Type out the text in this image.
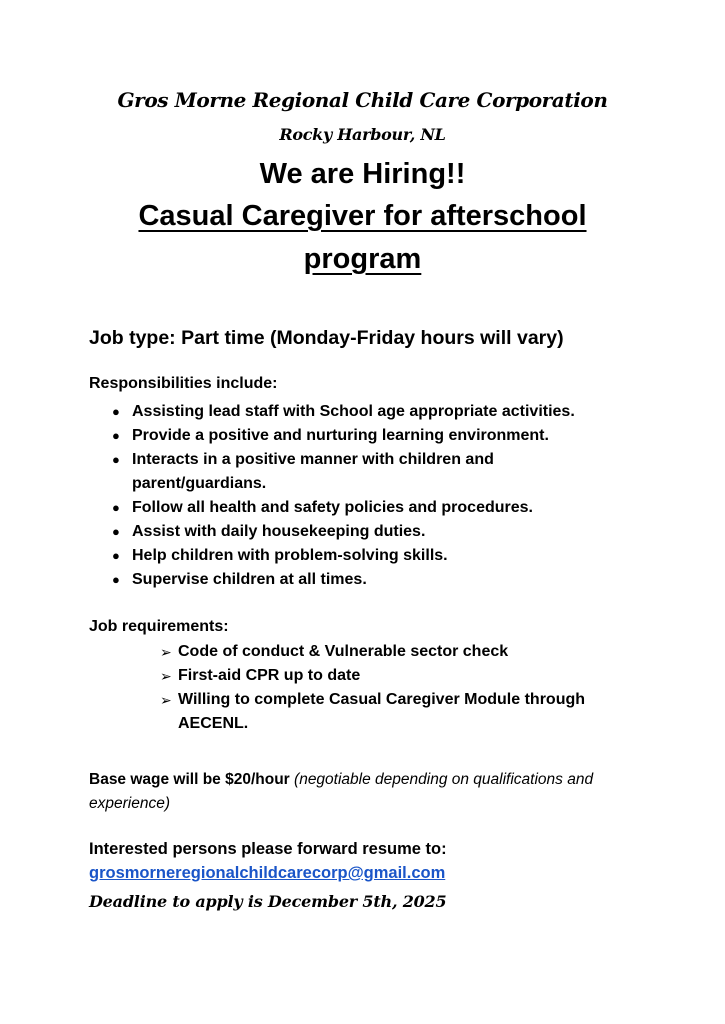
Gros Morne Regional Child Care Corporation
Rocky Harbour, NL
We are Hiring!!
Casual Caregiver for afterschool
program
Job type: Part time (Monday-Friday hours will vary)
Responsibilities include:
● Assisting lead staff with School age appropriate activities.
● Provide a positive and nurturing learning environment.
● Interacts in a positive manner with children and parent/guardians.
● Follow all health and safety policies and procedures.
● Assist with daily housekeeping duties.
● Help children with problem-solving skills.
● Supervise children at all times.
Job requirements:
➢ Code of conduct & Vulnerable sector check
➢ First-aid CPR up to date
➢ Willing to complete Casual Caregiver Module through AECENL.
Base wage will be $20/hour (negotiable depending on qualifications and experience)
Interested persons please forward resume to:
grosmorneregionalchildcarecorp@gmail.com
Deadline to apply is December 5th, 2025
